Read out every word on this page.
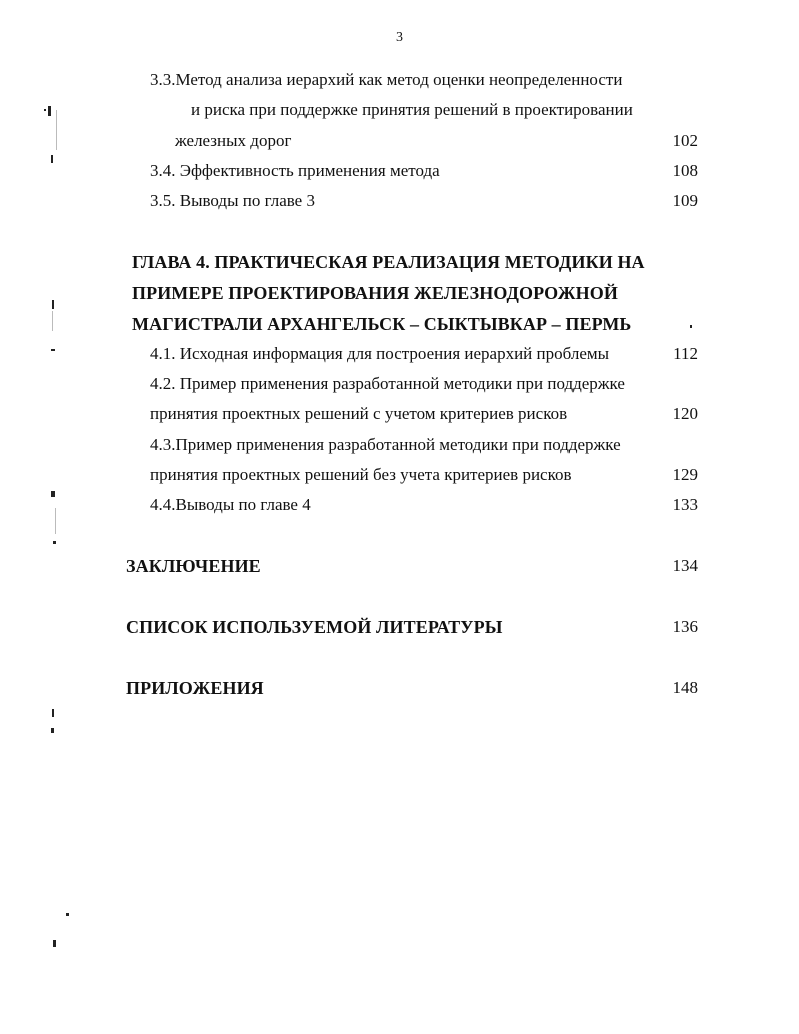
3
3.3.Метод анализа иерархий как метод оценки неопределенности
и риска при поддержке принятия решений в проектировании
железных дорог	102
3.4. Эффективность применения метода	108
3.5. Выводы по главе 3	109
ГЛАВА 4. ПРАКТИЧЕСКАЯ РЕАЛИЗАЦИЯ МЕТОДИКИ НА
ПРИМЕРЕ ПРОЕКТИРОВАНИЯ ЖЕЛЕЗНОДОРОЖНОЙ
МАГИСТРАЛИ АРХАНГЕЛЬСК – СЫКТЫВКАР – ПЕРМЬ
4.1. Исходная информация для построения иерархий проблемы	112
4.2. Пример применения разработанной методики при поддержке
принятия проектных решений с учетом критериев рисков	120
4.3.Пример применения разработанной методики при поддержке
принятия проектных решений без учета критериев рисков	129
4.4.Выводы по главе 4	133
ЗАКЛЮЧЕНИЕ	134
СПИСОК ИСПОЛЬЗУЕМОЙ ЛИТЕРАТУРЫ	136
ПРИЛОЖЕНИЯ	148
